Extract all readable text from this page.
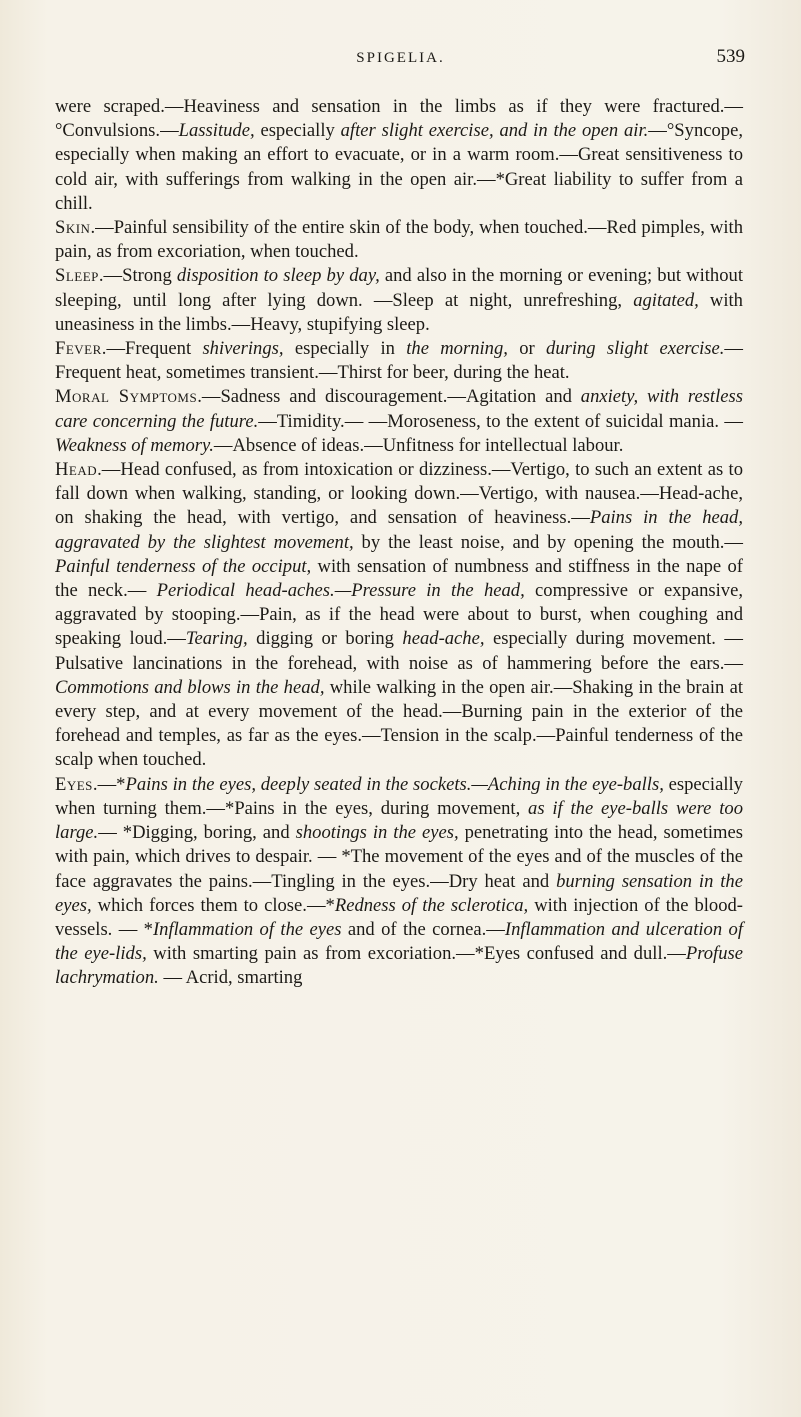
SPIGELIA.	539

were scraped.—Heaviness and sensation in the limbs as if they were fractured.—°Convulsions.—Lassitude, especially after slight exercise, and in the open air.—°Syncope, especially when making an effort to evacuate, or in a warm room.—Great sensitiveness to cold air, with sufferings from walking in the open air.—*Great liability to suffer from a chill.

Skin.—Painful sensibility of the entire skin of the body, when touched.—Red pimples, with pain, as from excoriation, when touched.

Sleep.—Strong disposition to sleep by day, and also in the morning or evening; but without sleeping, until long after lying down. —Sleep at night, unrefreshing, agitated, with uneasiness in the limbs.—Heavy, stupifying sleep.

Fever.—Frequent shiverings, especially in the morning, or during slight exercise.—Frequent heat, sometimes transient.—Thirst for beer, during the heat.

Moral Symptoms.—Sadness and discouragement.—Agitation and anxiety, with restless care concerning the future.—Timidity.— —Moroseness, to the extent of suicidal mania. — Weakness of memory.—Absence of ideas.—Unfitness for intellectual labour.

Head.—Head confused, as from intoxication or dizziness.—Vertigo, to such an extent as to fall down when walking, standing, or looking down.—Vertigo, with nausea.—Head-ache, on shaking the head, with vertigo, and sensation of heaviness.—Pains in the head, aggravated by the slightest movement, by the least noise, and by opening the mouth.—Painful tenderness of the occiput, with sensation of numbness and stiffness in the nape of the neck.— Periodical head-aches.—Pressure in the head, compressive or expansive, aggravated by stooping.—Pain, as if the head were about to burst, when coughing and speaking loud.—Tearing, digging or boring head-ache, especially during movement. —Pulsative lancinations in the forehead, with noise as of hammering before the ears.—Commotions and blows in the head, while walking in the open air.—Shaking in the brain at every step, and at every movement of the head.—Burning pain in the exterior of the forehead and temples, as far as the eyes.—Tension in the scalp.—Painful tenderness of the scalp when touched.

Eyes.—*Pains in the eyes, deeply seated in the sockets.—Aching in the eye-balls, especially when turning them.—*Pains in the eyes, during movement, as if the eye-balls were too large.— *Digging, boring, and shootings in the eyes, penetrating into the head, sometimes with pain, which drives to despair. — *The movement of the eyes and of the muscles of the face aggravates the pains.—Tingling in the eyes.—Dry heat and burning sensation in the eyes, which forces them to close.—*Redness of the sclerotica, with injection of the blood-vessels. — *Inflammation of the eyes and of the cornea.—Inflammation and ulceration of the eye-lids, with smarting pain as from excoriation.—*Eyes confused and dull.—Profuse lachrymation. — Acrid, smarting
